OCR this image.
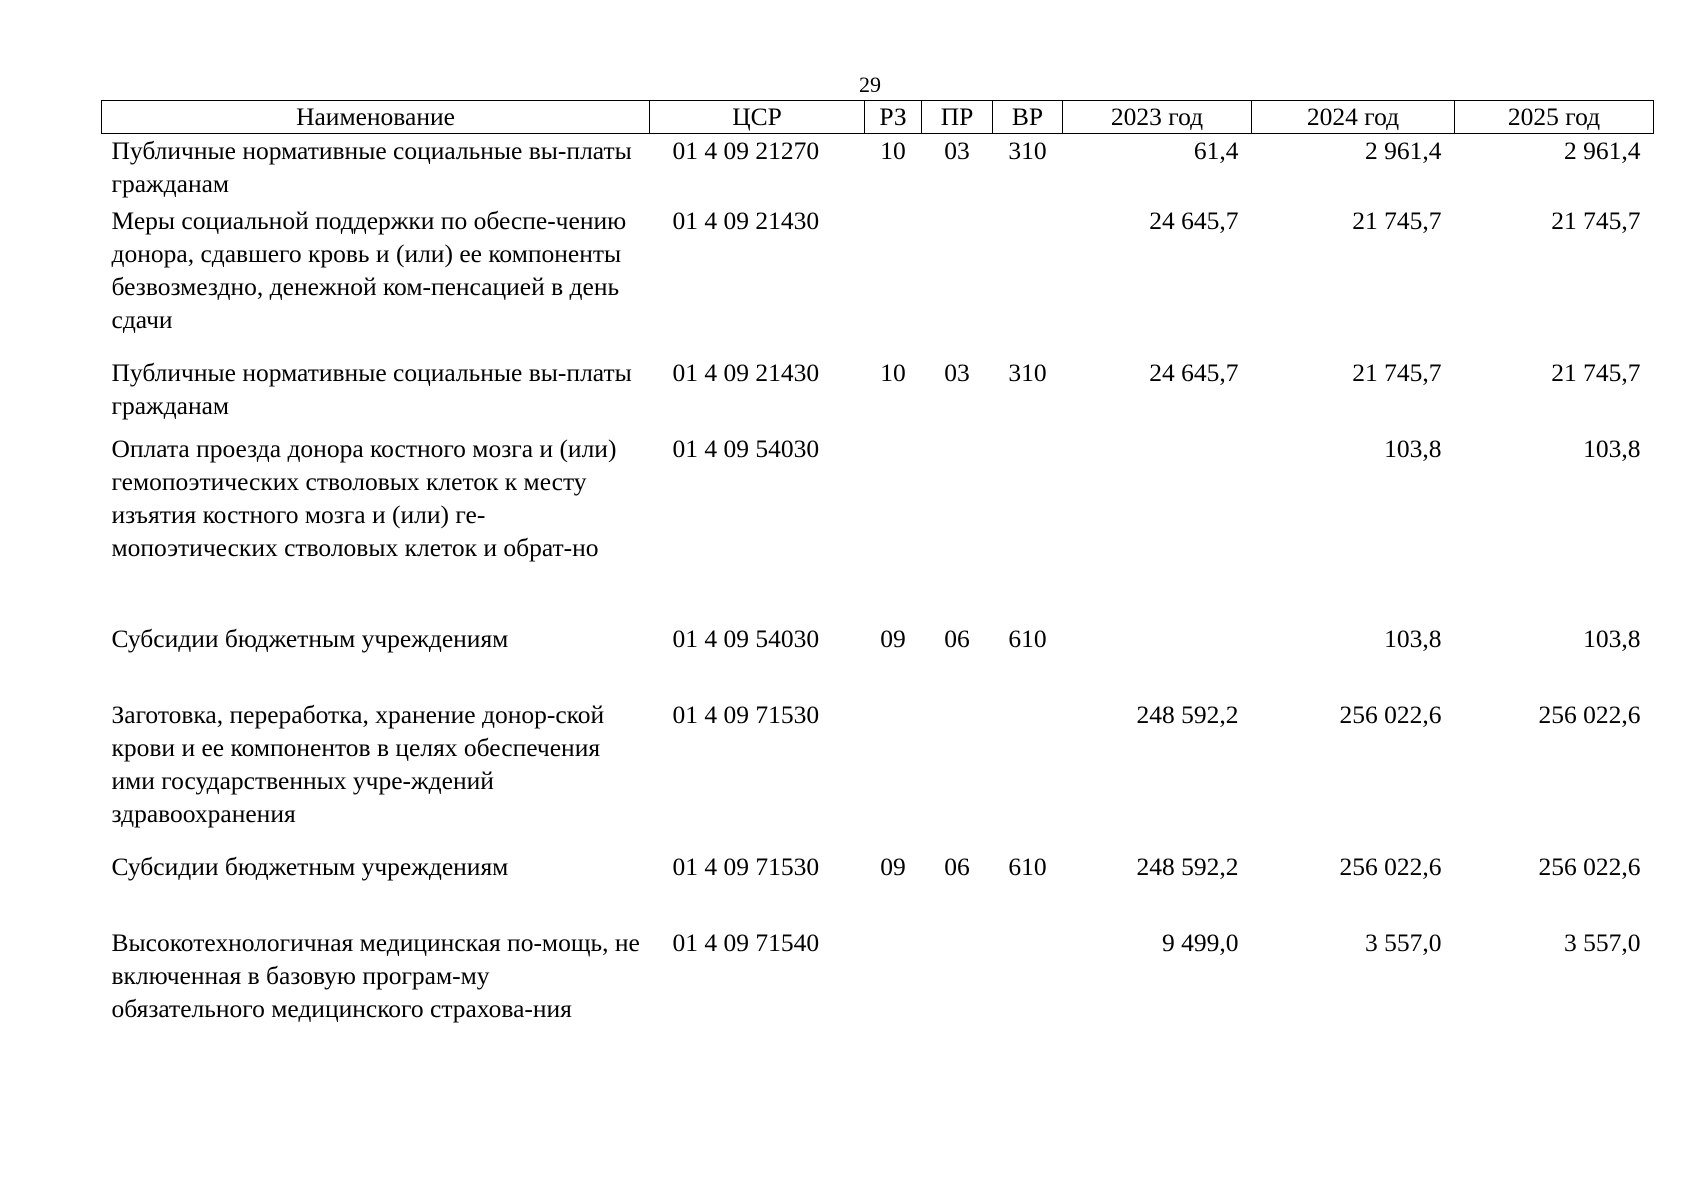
29
Наименование	ЦСР	РЗ	ПР	ВР	2023 год	2024 год	2025 год
Публичные нормативные социальные вы-платы гражданам	01 4 09 21270	10	03	310	61,4	2 961,4	2 961,4
Меры социальной поддержки по обеспе-чению донора, сдавшего кровь и (или) ее компоненты безвозмездно, денежной ком-пенсацией в день сдачи	01 4 09 21430				24 645,7	21 745,7	21 745,7
Публичные нормативные социальные вы-платы гражданам	01 4 09 21430	10	03	310	24 645,7	21 745,7	21 745,7
Оплата проезда донора костного мозга и (или) гемопоэтических стволовых клеток к месту изъятия костного мозга и (или) ге-мопоэтических стволовых клеток и обрат-но	01 4 09 54030					103,8	103,8
Субсидии бюджетным учреждениям	01 4 09 54030	09	06	610		103,8	103,8
Заготовка, переработка, хранение донор-ской крови и ее компонентов в целях обеспечения ими государственных учре-ждений здравоохранения	01 4 09 71530				248 592,2	256 022,6	256 022,6
Субсидии бюджетным учреждениям	01 4 09 71530	09	06	610	248 592,2	256 022,6	256 022,6
Высокотехнологичная медицинская по-мощь, не включенная в базовую програм-му обязательного медицинского страхова-ния	01 4 09 71540				9 499,0	3 557,0	3 557,0
